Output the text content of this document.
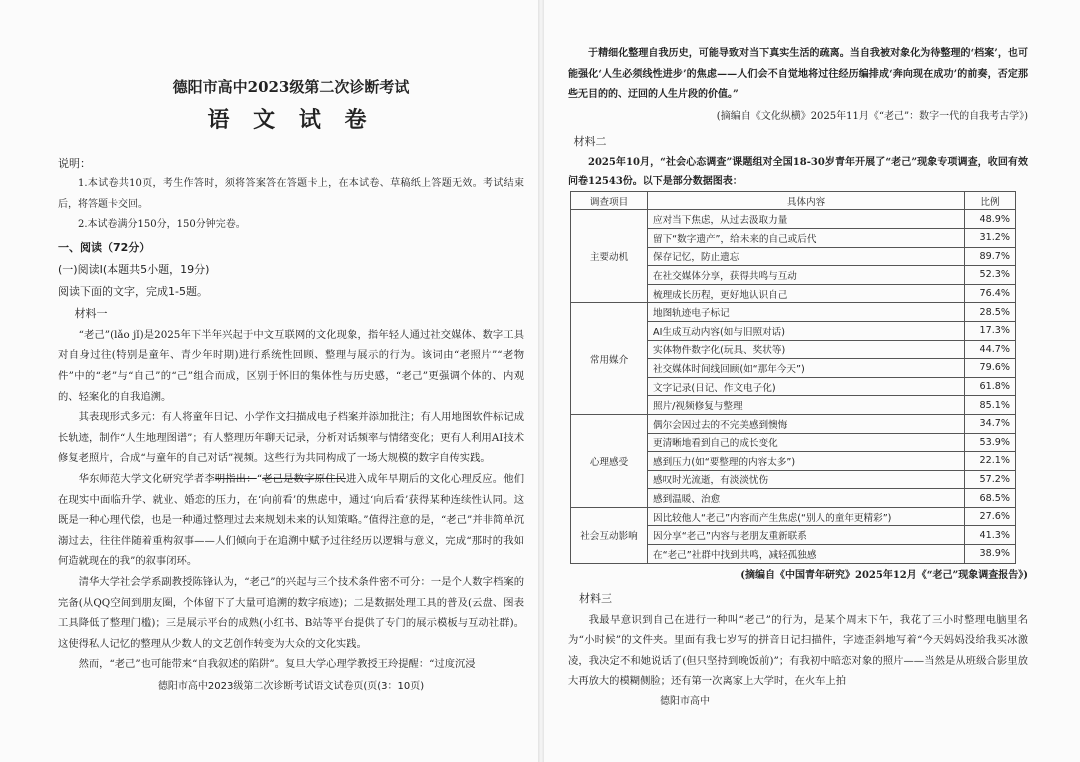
德阳市高中2023级第二次诊断考试

语 文 试 卷

说明：

1.本试卷共10页，考生作答时，须将答案答在答题卡上，在本试卷、草稿纸上答题无效。考试结束后，将答题卡交回。

2.本试卷满分150分，150分钟完卷。

一、阅读（72分）

(一)阅读Ⅰ(本题共5小题，19分)

阅读下面的文字，完成1-5题。

材料一

“老己”(lǎo jǐ)是2025年下半年兴起于中文互联网的文化现象，指年轻人通过社交媒体、数字工具对自身过往(特别是童年、青少年时期)进行系统性回顾、整理与展示的行为。该词由“老照片”“老物件”中的“老”与“自己”的“己”组合而成，区别于怀旧的集体性与历史感，“老己”更强调个体的、内观的、轻案化的自我追溯。

其表现形式多元：有人将童年日记、小学作文扫描成电子档案并添加批注；有人用地图软件标记成长轨迹，制作“人生地理图谱”；有人整理历年聊天记录，分析对话频率与情绪变化；更有人利用AI技术修复老照片，合成“与童年的自己对话”视频。这些行为共同构成了一场大规模的数字自传实践。

华东师范大学文化研究学者李明指出：“老己是数字原住民进入成年早期后的文化心理反应。他们在现实中面临升学、就业、婚恋的压力，在‘向前看’的焦虑中，通过‘向后看’获得某种连续性认同。这既是一种心理代偿，也是一种通过整理过去来规划未来的认知策略。”值得注意的是，“老己”并非简单沉溺过去，往往伴随着重构叙事——人们倾向于在追溯中赋予过往经历以逻辑与意义，完成“那时的我如何造就现在的我”的叙事闭环。

清华大学社会学系副教授陈锋认为，“老己”的兴起与三个技术条件密不可分：一是个人数字档案的完备(从QQ空间到朋友圈，个体留下了大量可追溯的数字痕迹)；二是数据处理工具的普及(云盘、图表工具降低了整理门槛)；三是展示平台的成熟(小红书、B站等平台提供了专门的展示模板与互动社群)。这使得私人记忆的整理从少数人的文艺创作转变为大众的文化实践。

然而，“老己”也可能带来“自我叙述的陷阱”。复旦大学心理学教授王玲提醒：“过度沉浸

德阳市高中2023级第二次诊断考试语文试卷页(页(3：10页)

于精细化整理自我历史，可能导致对当下真实生活的疏离。当自我被对象化为待整理的‘档案’，也可能强化‘人生必须线性进步’的焦虑——人们会不自觉地将过往经历编排成‘奔向现在成功’的前奏，否定那些无目的的、迂回的人生片段的价值。”

(摘编自《文化纵横》2025年11月《“老己”：数字一代的自我考古学》)

材料二

2025年10月，“社会心态调查”课题组对全国18-30岁青年开展了“老己”现象专项调查，收回有效问卷12543份。以下是部分数据图表：

调查项目	具体内容	比例
主要动机	应对当下焦虑，从过去汲取力量	48.9%
	留下“数字遗产”，给未来的自己或后代	31.2%
	保存记忆，防止遗忘	89.7%
	在社交媒体分享，获得共鸣与互动	52.3%
	梳理成长历程，更好地认识自己	76.4%
常用媒介	地图轨迹电子标记	28.5%
	AI生成互动内容(如与旧照对话)	17.3%
	实体物件数字化(玩具、奖状等)	44.7%
	社交媒体时间线回顾(如“那年今天”)	79.6%
	文字记录(日记、作文电子化)	61.8%
	照片/视频修复与整理	85.1%
心理感受	偶尔会因过去的不完美感到懊悔	34.7%
	更清晰地看到自己的成长变化	53.9%
	感到压力(如“要整理的内容太多”)	22.1%
	感叹时光流逝，有淡淡忧伤	57.2%
	感到温暖、治愈	68.5%
社会互动影响	因比较他人“老己”内容而产生焦虑(“别人的童年更精彩”)	27.6%
	因分享“老己”内容与老朋友重新联系	41.3%
	在“老己”社群中找到共鸣，减轻孤独感	38.9%

(摘编自《中国青年研究》2025年12月《“老己”现象调查报告》)

材料三

我最早意识到自己在进行一种叫“老己”的行为，是某个周末下午，我花了三小时整理电脑里名为“小时候”的文件夹。里面有我七岁写的拼音日记扫描件，字迹歪斜地写着“今天妈妈没给我买冰激凌，我决定不和她说话了(但只坚持到晚饭前)”；有我初中暗恋对象的照片——当然是从班级合影里放大再放大的模糊侧脸；还有第一次离家上大学时，在火车上拍

德阳市高中
